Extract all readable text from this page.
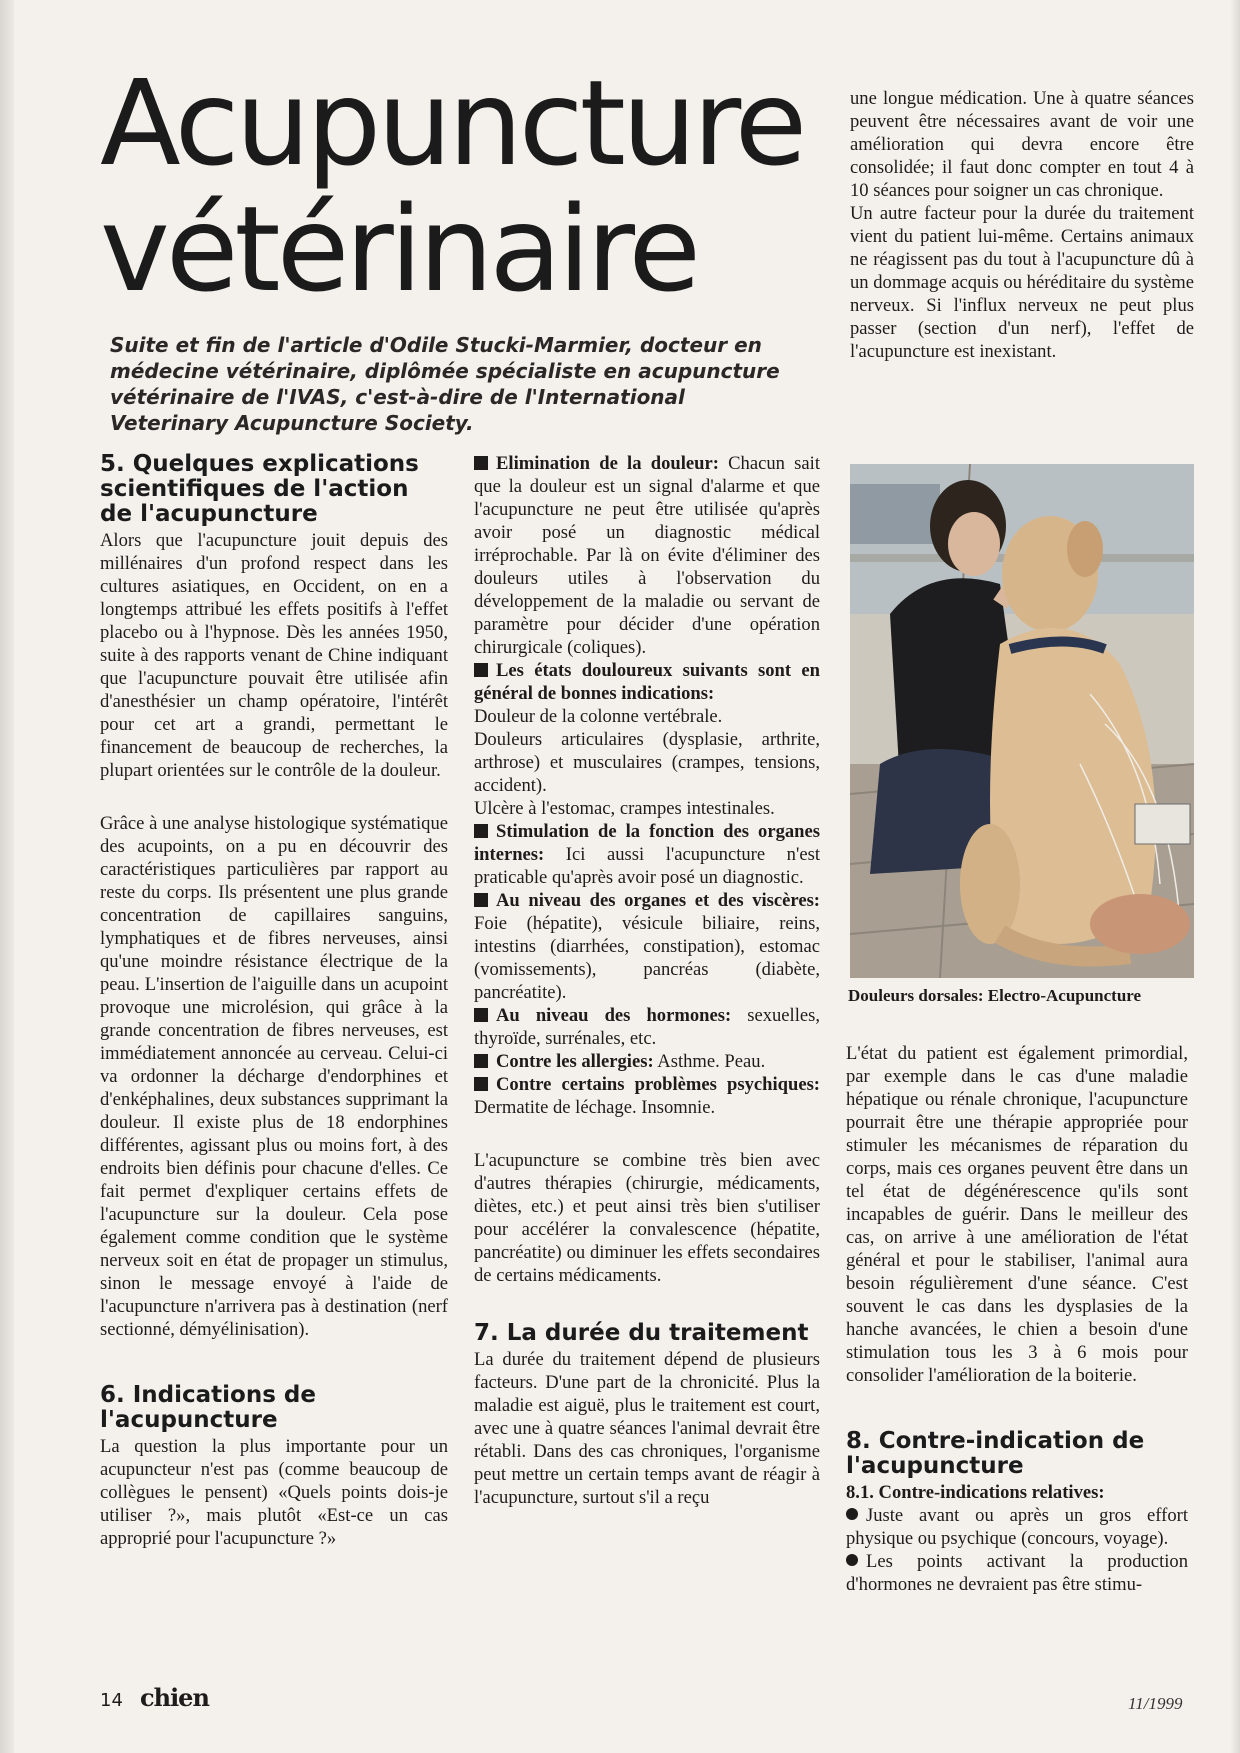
Acupuncture
vétérinaire

Suite et fin de l'article d'Odile Stucki-Marmier, docteur en médecine vétérinaire, diplômée spécialiste en acupuncture vétérinaire de l'IVAS, c'est-à-dire de l'International Veterinary Acupuncture Society.

une longue médication. Une à quatre séances peuvent être nécessaires avant de voir une amélioration qui devra encore être consolidée; il faut donc compter en tout 4 à 10 séances pour soigner un cas chronique.

Un autre facteur pour la durée du traitement vient du patient lui-même. Certains animaux ne réagissent pas du tout à l'acupuncture dû à un dommage acquis ou héréditaire du système nerveux. Si l'influx nerveux ne peut plus passer (section d'un nerf), l'effet de l'acupuncture est inexistant.

5. Quelques explications scientifiques de l'action de l'acupuncture

Alors que l'acupuncture jouit depuis des millénaires d'un profond respect dans les cultures asiatiques, en Occident, on en a longtemps attribué les effets positifs à l'effet placebo ou à l'hypnose. Dès les années 1950, suite à des rapports venant de Chine indiquant que l'acupuncture pouvait être utilisée afin d'anesthésier un champ opératoire, l'intérêt pour cet art a grandi, permettant le financement de beaucoup de recherches, la plupart orientées sur le contrôle de la douleur.

Grâce à une analyse histologique systématique des acupoints, on a pu en découvrir des caractéristiques particulières par rapport au reste du corps. Ils présentent une plus grande concentration de capillaires sanguins, lymphatiques et de fibres nerveuses, ainsi qu'une moindre résistance électrique de la peau. L'insertion de l'aiguille dans un acupoint provoque une microlésion, qui grâce à la grande concentration de fibres nerveuses, est immédiatement annoncée au cerveau. Celui-ci va ordonner la décharge d'endorphines et d'enképhalines, deux substances supprimant la douleur. Il existe plus de 18 endorphines différentes, agissant plus ou moins fort, à des endroits bien définis pour chacune d'elles. Ce fait permet d'expliquer certains effets de l'acupuncture sur la douleur. Cela pose également comme condition que le système nerveux soit en état de propager un stimulus, sinon le message envoyé à l'aide de l'acupuncture n'arrivera pas à destination (nerf sectionné, démyélinisation).

6. Indications de l'acupuncture

La question la plus importante pour un acupuncteur n'est pas (comme beaucoup de collègues le pensent) «Quels points dois-je utiliser ?», mais plutôt «Est-ce un cas approprié pour l'acupuncture ?»

Elimination de la douleur: Chacun sait que la douleur est un signal d'alarme et que l'acupuncture ne peut être utilisée qu'après avoir posé un diagnostic médical irréprochable. Par là on évite d'éliminer des douleurs utiles à l'observation du développement de la maladie ou servant de paramètre pour décider d'une opération chirurgicale (coliques).

Les états douloureux suivants sont en général de bonnes indications:

Douleur de la colonne vertébrale.

Douleurs articulaires (dysplasie, arthrite, arthrose) et musculaires (crampes, tensions, accident).

Ulcère à l'estomac, crampes intestinales.

Stimulation de la fonction des organes internes: Ici aussi l'acupuncture n'est praticable qu'après avoir posé un diagnostic.

Au niveau des organes et des viscères: Foie (hépatite), vésicule biliaire, reins, intestins (diarrhées, constipation), estomac (vomissements), pancréas (diabète, pancréatite).

Au niveau des hormones: sexuelles, thyroïde, surrénales, etc.

Contre les allergies: Asthme. Peau.

Contre certains problèmes psychiques: Dermatite de léchage. Insomnie.

L'acupuncture se combine très bien avec d'autres thérapies (chirurgie, médicaments, diètes, etc.) et peut ainsi très bien s'utiliser pour accélérer la convalescence (hépatite, pancréatite) ou diminuer les effets secondaires de certains médicaments.

7. La durée du traitement

La durée du traitement dépend de plusieurs facteurs. D'une part de la chronicité. Plus la maladie est aiguë, plus le traitement est court, avec une à quatre séances l'animal devrait être rétabli. Dans des cas chroniques, l'organisme peut mettre un certain temps avant de réagir à l'acupuncture, surtout s'il a reçu

Douleurs dorsales: Electro-Acupuncture

L'état du patient est également primordial, par exemple dans le cas d'une maladie hépatique ou rénale chronique, l'acupuncture pourrait être une thérapie appropriée pour stimuler les mécanismes de réparation du corps, mais ces organes peuvent être dans un tel état de dégénérescence qu'ils sont incapables de guérir. Dans le meilleur des cas, on arrive à une amélioration de l'état général et pour le stabiliser, l'animal aura besoin régulièrement d'une séance. C'est souvent le cas dans les dysplasies de la hanche avancées, le chien a besoin d'une stimulation tous les 3 à 6 mois pour consolider l'amélioration de la boiterie.

8. Contre-indication de l'acupuncture

8.1. Contre-indications relatives:

Juste avant ou après un gros effort physique ou psychique (concours, voyage).

Les points activant la production d'hormones ne devraient pas être stimu-

14 chien	11/1999
